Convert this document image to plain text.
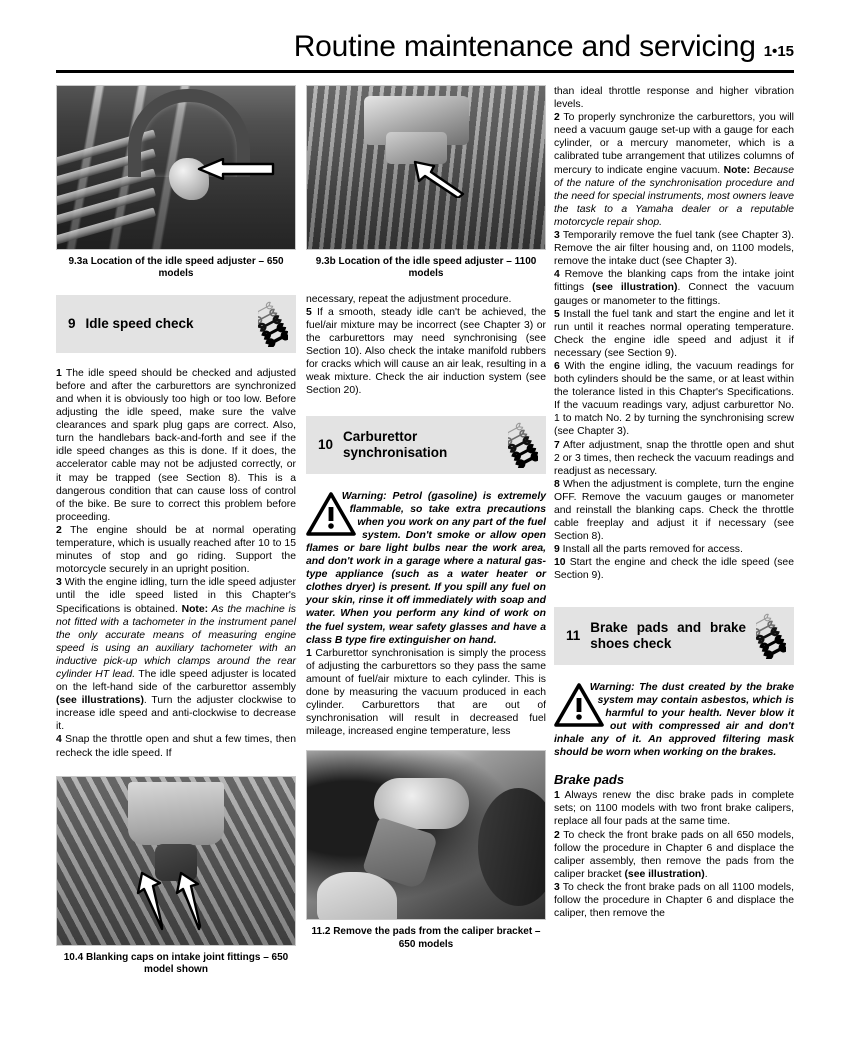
Routine maintenance and servicing 1•15
9.3a Location of the idle speed adjuster – 650 models
9 Idle speed check

1 The idle speed should be checked and adjusted before and after the carburettors are synchronized and when it is obviously too high or too low. Before adjusting the idle speed, make sure the valve clearances and spark plug gaps are correct. Also, turn the handlebars back-and-forth and see if the idle speed changes as this is done. If it does, the accelerator cable may not be adjusted correctly, or it may be trapped (see Section 8). This is a dangerous condition that can cause loss of control of the bike. Be sure to correct this problem before proceeding.

2 The engine should be at normal operating temperature, which is usually reached after 10 to 15 minutes of stop and go riding. Support the motorcycle securely in an upright position.

3 With the engine idling, turn the idle speed adjuster until the idle speed listed in this Chapter's Specifications is obtained. Note: As the machine is not fitted with a tachometer in the instrument panel the only accurate means of measuring engine speed is using an auxiliary tachometer with an inductive pick-up which clamps around the rear cylinder HT lead. The idle speed adjuster is located on the left-hand side of the carburettor assembly (see illustrations). Turn the adjuster clockwise to increase idle speed and anti-clockwise to decrease it.

4 Snap the throttle open and shut a few times, then recheck the idle speed. If

10.4 Blanking caps on intake joint fittings – 650 model shown
9.3b Location of the idle speed adjuster – 1100 models

necessary, repeat the adjustment procedure.

5 If a smooth, steady idle can't be achieved, the fuel/air mixture may be incorrect (see Chapter 3) or the carburettors may need synchronising (see Section 10). Also check the intake manifold rubbers for cracks which will cause an air leak, resulting in a weak mixture. Check the air induction system (see Section 20).

10
Carburettor synchronisation
Warning: Petrol (gasoline) is extremely flammable, so take extra precautions when you work on any part of the fuel system. Don't smoke or allow open flames or bare light bulbs near the work area, and don't work in a garage where a natural gas-type appliance (such as a water heater or clothes dryer) is present. If you spill any fuel on your skin, rinse it off immediately with soap and water. When you perform any kind of work on the fuel system, wear safety glasses and have a class B type fire extinguisher on hand.

1 Carburettor synchronisation is simply the process of adjusting the carburettors so they pass the same amount of fuel/air mixture to each cylinder. This is done by measuring the vacuum produced in each cylinder. Carburettors that are out of synchronisation will result in decreased fuel mileage, increased engine temperature, less

11.2 Remove the pads from the caliper bracket – 650 models

than ideal throttle response and higher vibration levels.

2 To properly synchronize the carburettors, you will need a vacuum gauge set-up with a gauge for each cylinder, or a mercury manometer, which is a calibrated tube arrangement that utilizes columns of mercury to indicate engine vacuum. Note: Because of the nature of the synchronisation procedure and the need for special instruments, most owners leave the task to a Yamaha dealer or a reputable motorcycle repair shop.

3 Temporarily remove the fuel tank (see Chapter 3). Remove the air filter housing and, on 1100 models, remove the intake duct (see Chapter 3).

4 Remove the blanking caps from the intake joint fittings (see illustration). Connect the vacuum gauges or manometer to the fittings.

5 Install the fuel tank and start the engine and let it run until it reaches normal operating temperature. Check the engine idle speed and adjust it if necessary (see Section 9).

6 With the engine idling, the vacuum readings for both cylinders should be the same, or at least within the tolerance listed in this Chapter's Specifications. If the vacuum readings vary, adjust carburettor No. 1 to match No. 2 by turning the synchronising screw (see Chapter 3).

7 After adjustment, snap the throttle open and shut 2 or 3 times, then recheck the vacuum readings and readjust as necessary.

8 When the adjustment is complete, turn the engine OFF. Remove the vacuum gauges or manometer and reinstall the blanking caps. Check the throttle cable freeplay and adjust it if necessary (see Section 8).

9 Install all the parts removed for access.

10 Start the engine and check the idle speed (see Section 9).

11
Brake pads and brake shoes check
Warning: The dust created by the brake system may contain asbestos, which is harmful to your health. Never blow it out with compressed air and don't inhale any of it. An approved filtering mask should be worn when working on the brakes.

Brake pads

1 Always renew the disc brake pads in complete sets; on 1100 models with two front brake calipers, replace all four pads at the same time.

2 To check the front brake pads on all 650 models, follow the procedure in Chapter 6 and displace the caliper assembly, then remove the pads from the caliper bracket (see illustration).

3 To check the front brake pads on all 1100 models, follow the procedure in Chapter 6 and displace the caliper, then remove the
